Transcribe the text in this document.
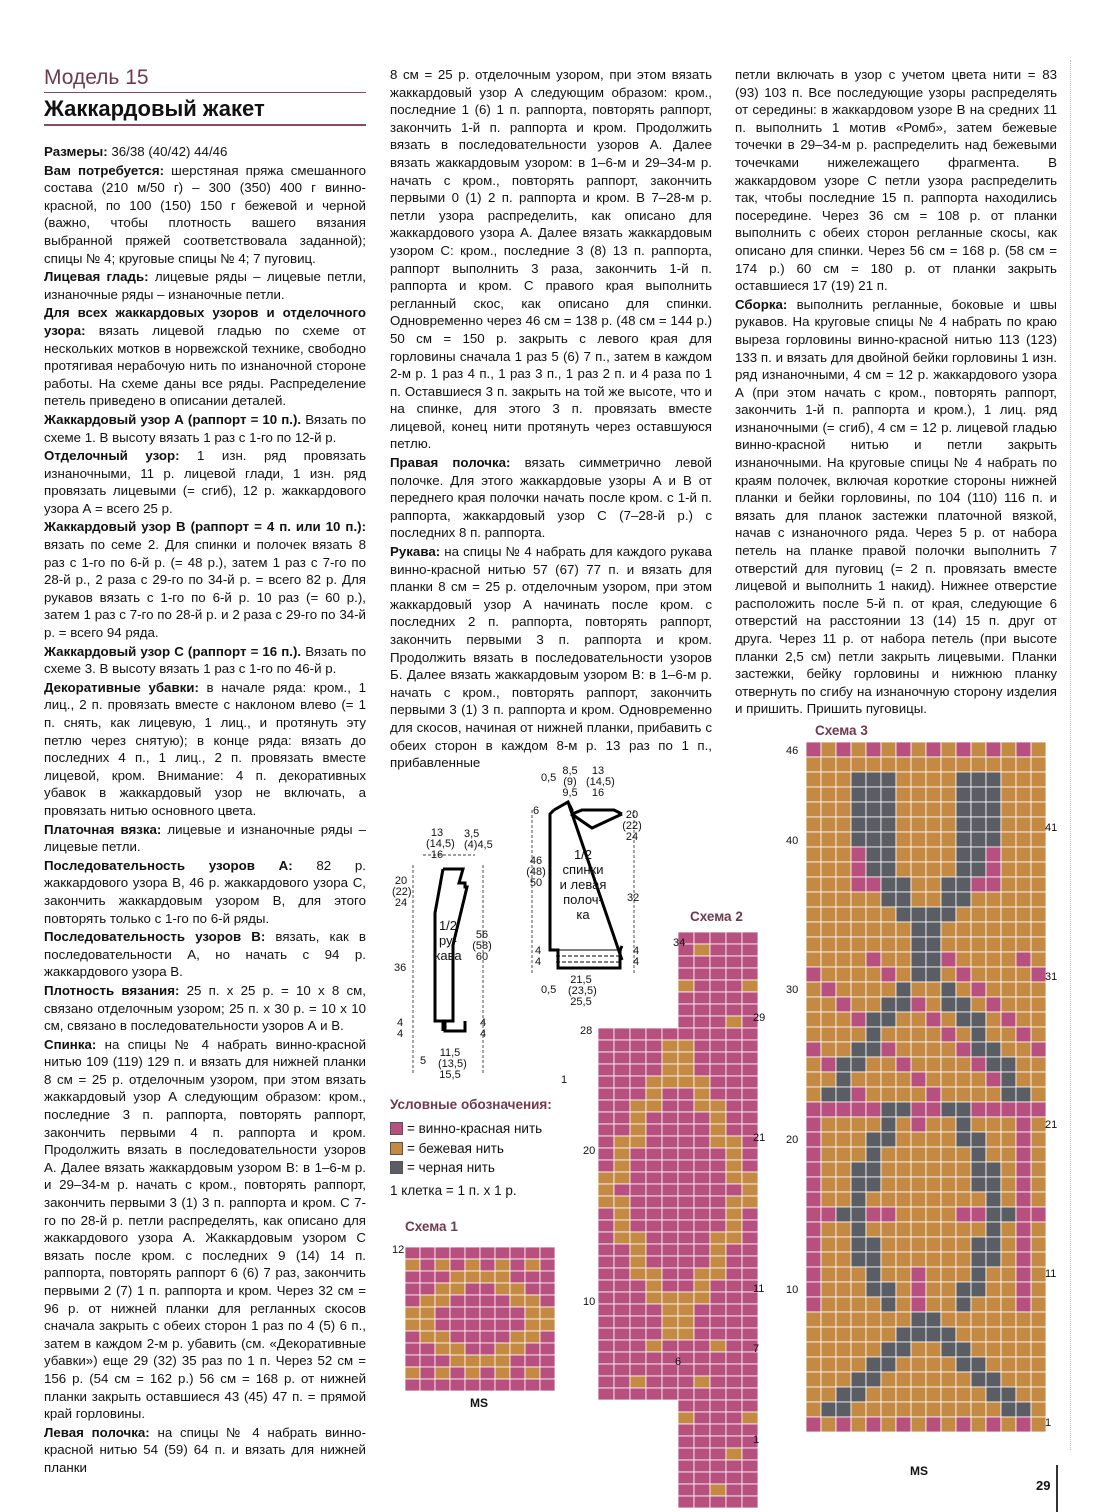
Модель 15
Жаккардовый жакет

Размеры: 36/38 (40/42) 44/46

Вам потребуется: шерстяная пряжа смешанного состава (210 м/50 г) – 300 (350) 400 г винно-красной, по 100 (150) 150 г бежевой и черной (важно, чтобы плотность вашего вязания выбранной пряжей соответствовала заданной); спицы № 4; круговые спицы № 4; 7 пуговиц.

Лицевая гладь: лицевые ряды – лицевые петли, изнаночные ряды – изнаночные петли.

Для всех жаккардовых узоров и отделочного узора: вязать лицевой гладью по схеме от нескольких мотков в норвежской технике, свободно протягивая нерабочую нить по изнаночной стороне работы. На схеме даны все ряды. Распределение петель приведено в описании деталей.

Жаккардовый узор А (раппорт = 10 п.). Вязать по схеме 1. В высоту вязать 1 раз с 1-го по 12-й р.

Отделочный узор: 1 изн. ряд провязать изнаночными, 11 р. лицевой глади, 1 изн. ряд провязать лицевыми (= сгиб), 12 р. жаккардового узора А = всего 25 р.

Жаккардовый узор В (раппорт = 4 п. или 10 п.): вязать по семе 2. Для спинки и полочек вязать 8 раз с 1-го по 6-й р. (= 48 р.), затем 1 раз с 7-го по 28-й р., 2 раза с 29-го по 34-й р. = всего 82 р. Для рукавов вязать с 1-го по 6-й р. 10 раз (= 60 р.), затем 1 раз с 7-го по 28-й р. и 2 раза с 29-го по 34-й р. = всего 94 ряда.

Жаккардовый узор С (раппорт = 16 п.). Вязать по схеме 3. В высоту вязать 1 раз с 1-го по 46-й р.

Декоративные убавки: в начале ряда: кром., 1 лиц., 2 п. провязать вместе с наклоном влево (= 1 п. снять, как лицевую, 1 лиц., и протянуть эту петлю через снятую); в конце ряда: вязать до последних 4 п., 1 лиц., 2 п. провязать вместе лицевой, кром. Внимание: 4 п. декоративных убавок в жаккардовый узор не включать, а провязать нитью основного цвета.

Платочная вязка: лицевые и изнаночные ряды – лицевые петли.

Последовательность узоров А: 82 р. жаккардового узора В, 46 р. жаккардового узора С, закончить жаккардовым узором В, для этого повторять только с 1-го по 6-й ряды.

Последовательность узоров В: вязать, как в последовательности А, но начать с 94 р. жаккардового узора В.

Плотность вязания: 25 п. х 25 р. = 10 х 8 см, связано отделочным узором; 25 п. х 30 р. = 10 х 10 см, связано в последовательности узоров А и В.

Спинка: на спицы № 4 набрать винно-красной нитью 109 (119) 129 п. и вязать для нижней планки 8 см = 25 р. отделочным узором, при этом вязать жаккардовый узор А следующим образом: кром., последние 3 п. раппорта, повторять раппорт, закончить первыми 4 п. раппорта и кром. Продолжить вязать в последовательности узоров А. Далее вязать жаккардовым узором В: в 1–6-м р. и 29–34-м р. начать с кром., повторять раппорт, закончить первыми 3 (1) 3 п. раппорта и кром. С 7-го по 28-й р. петли распределять, как описано для жаккардового узора А. Жаккардовым узором С вязать после кром. с последних 9 (14) 14 п. раппорта, повторять раппорт 6 (6) 7 раз, закончить первыми 2 (7) 1 п. раппорта и кром. Через 32 см = 96 р. от нижней планки для регланных скосов сначала закрыть с обеих сторон 1 раз по 4 (5) 6 п., затем в каждом 2-м р. убавить (см. «Декоративные убавки») еще 29 (32) 35 раз по 1 п. Через 52 см = 156 р. (54 см = 162 р.) 56 см = 168 р. от нижней планки закрыть оставшиеся 43 (45) 47 п. = прямой край горловины.

Левая полочка: на спицы № 4 набрать винно-красной нитью 54 (59) 64 п. и вязать для нижней планки

8 см = 25 р. отделочным узором, при этом вязать жаккардовый узор А следующим образом: кром., последние 1 (6) 1 п. раппорта, повторять раппорт, закончить 1-й п. раппорта и кром. Продолжить вязать в последовательности узоров А. Далее вязать жаккардовым узором: в 1–6-м и 29–34-м р. начать с кром., повторять раппорт, закончить первыми 0 (1) 2 п. раппорта и кром. В 7–28-м р. петли узора распределить, как описано для жаккардового узора А. Далее вязать жаккардовым узором С: кром., последние 3 (8) 13 п. раппорта, раппорт выполнить 3 раза, закончить 1-й п. раппорта и кром. С правого края выполнить регланный скос, как описано для спинки. Одновременно через 46 см = 138 р. (48 см = 144 р.) 50 см = 150 р. закрыть с левого края для горловины сначала 1 раз 5 (6) 7 п., затем в каждом 2-м р. 1 раз 4 п., 1 раз 3 п., 1 раз 2 п. и 4 раза по 1 п. Оставшиеся 3 п. закрыть на той же высоте, что и на спинке, для этого 3 п. провязать вместе лицевой, конец нити протянуть через оставшуюся петлю.

Правая полочка: вязать симметрично левой полочке. Для этого жаккардовые узоры А и В от переднего края полочки начать после кром. с 1-й п. раппорта, жаккардовый узор С (7–28-й р.) с последних 8 п. раппорта.

Рукава: на спицы № 4 набрать для каждого рукава винно-красной нитью 57 (67) 77 п. и вязать для планки 8 см = 25 р. отделочным узором, при этом жаккардовый узор А начинать после кром. с последних 2 п. раппорта, повторять раппорт, закончить первыми 3 п. раппорта и кром. Продолжить вязать в последовательности узоров Б. Далее вязать жаккардовым узором В: в 1–6-м р. начать с кром., повторять раппорт, закончить первыми 3 (1) 3 п. раппорта и кром. Одновременно для скосов, начиная от нижней планки, прибавить с обеих сторон в каждом 8-м р. 13 раз по 1 п., прибавленные

петли включать в узор с учетом цвета нити = 83 (93) 103 п. Все последующие узоры распределять от середины: в жаккардовом узоре В на средних 11 п. выполнить 1 мотив «Ромб», затем бежевые точечки в 29–34-м р. распределить над бежевыми точечками нижележащего фрагмента. В жаккардовом узоре С петли узора распределить так, чтобы последние 15 п. раппорта находились посередине. Через 36 см = 108 р. от планки выполнить с обеих сторон регланные скосы, как описано для спинки. Через 56 см = 168 р. (58 см = 174 р.) 60 см = 180 р. от планки закрыть оставшиеся 17 (19) 21 п.

Сборка: выполнить регланные, боковые и швы рукавов. На круговые спицы № 4 набрать по краю выреза горловины винно-красной нитью 113 (123) 133 п. и вязать для двойной бейки горловины 1 изн. ряд изнаночными, 4 см = 12 р. жаккардового узора А (при этом начать с кром., повторять раппорт, закончить 1-й п. раппорта и кром.), 1 лиц. ряд изнаночными (= сгиб), 4 см = 12 р. лицевой гладью винно-красной нитью и петли закрыть изнаночными. На круговые спицы № 4 набрать по краям полочек, включая короткие стороны нижней планки и бейки горловины, по 104 (110) 116 п. и вязать для планок застежки платочной вязкой, начав с изнаночного ряда. Через 5 р. от набора петель на планке правой полочки выполнить 7 отверстий для пуговиц (= 2 п. провязать вместе лицевой и выполнить 1 накид). Нижнее отверстие расположить после 5-й п. от края, следующие 6 отверстий на расстоянии 13 (14) 15 п. друг от друга. Через 11 р. от набора петель (при высоте планки 2,5 см) петли закрыть лицевыми. Планки застежки, бейку горловины и нижнюю планку отвернуть по сгибу на изнаночную сторону изделия и пришить. Пришить пуговицы.

13
(14,5)
16
3,5
(4)4,5
20
(22)
24
1/2
ру-
кава
56
(58)
60
36
4
4
4
4
5
11,5
(13,5)
15,5
0,5
8,5
(9)
9,5
13
(14,5)
16
6
46
(48)
50
20
(22)
24
32
1/2
спинки
и левая
полоч-
ка
4
4
4
4
0,5
21,5
(23,5)
25,5
Условные обозначения:
= винно-красная нить
= бежевая нить
= черная нить
1 клетка = 1 п. x 1 р.
Схема 1
12
1
MS
Схема 2
34
28
20
10
6
29
21
11
7
1
Схема 3
46
40
30
20
10
41
31
21
11
1
MS
29
